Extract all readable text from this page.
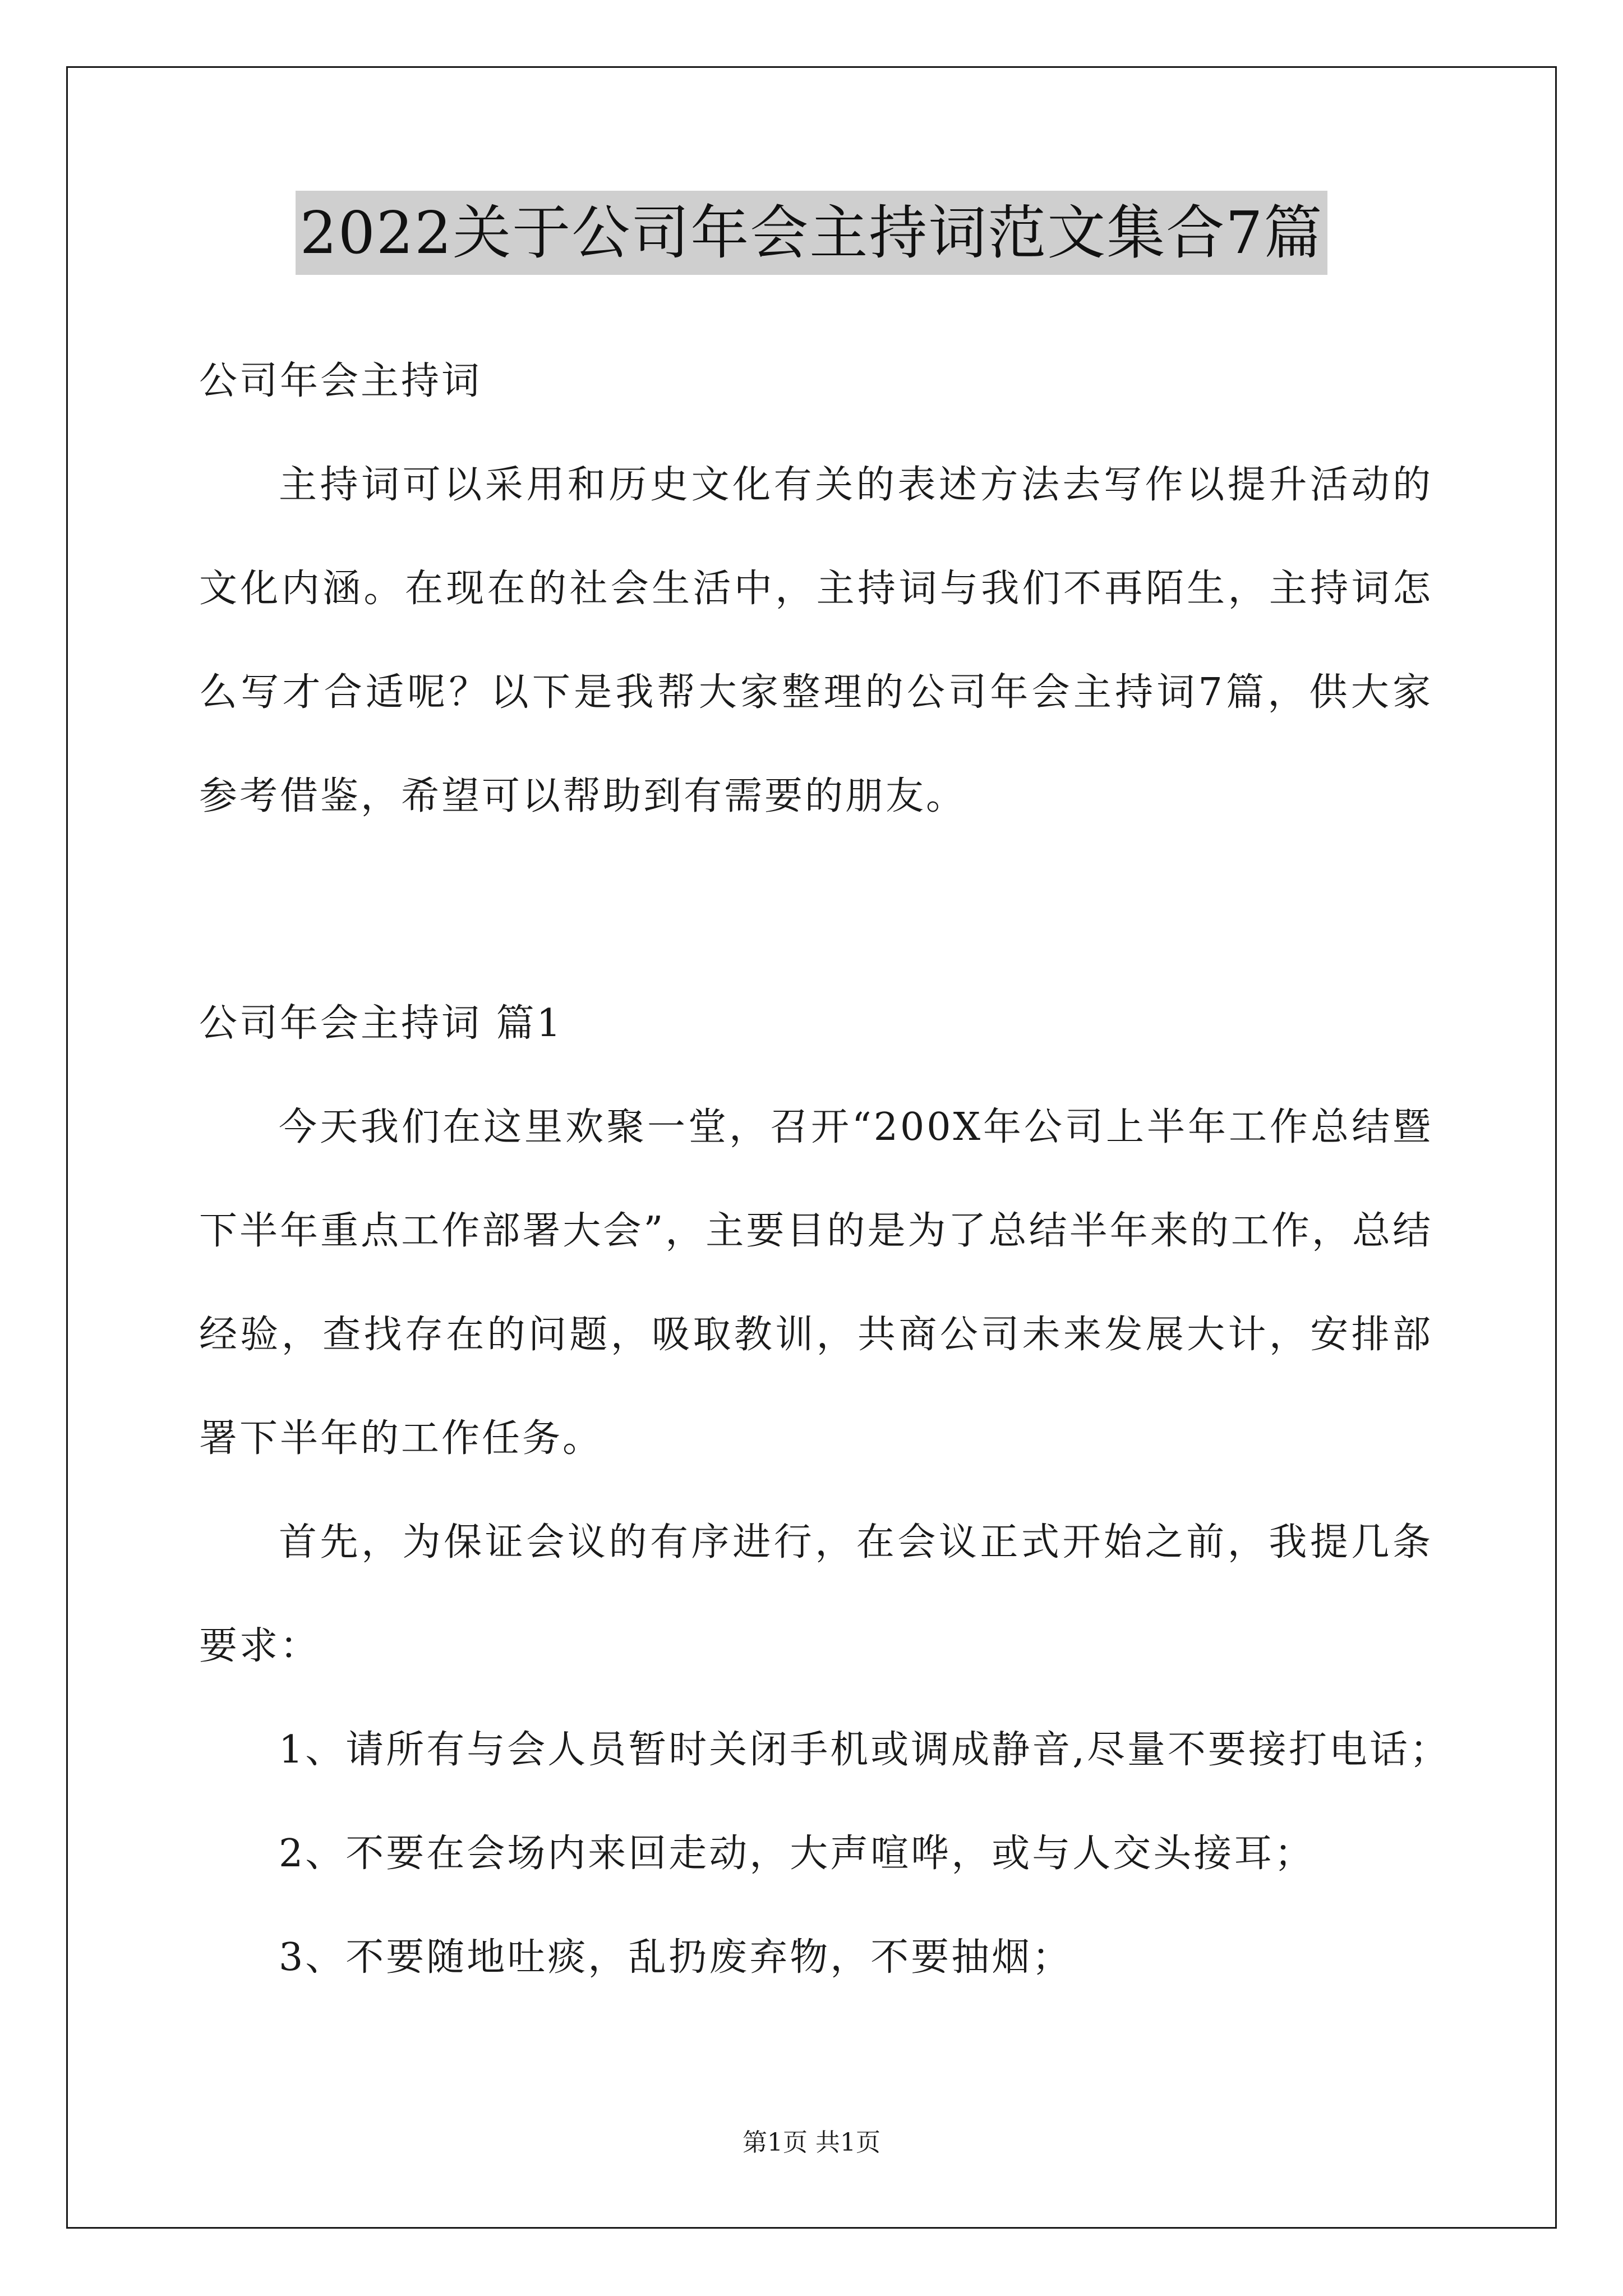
2022关于公司年会主持词范文集合7篇
公司年会主持词
主持词可以采用和历史文化有关的表述方法去写作以提升活动的
文化内涵。在现在的社会生活中，主持词与我们不再陌生，主持词怎
么写才合适呢？以下是我帮大家整理的公司年会主持词7篇，供大家
参考借鉴，希望可以帮助到有需要的朋友。
公司年会主持词 篇1
今天我们在这里欢聚一堂，召开“200X年公司上半年工作总结暨
下半年重点工作部署大会”，主要目的是为了总结半年来的工作，总结
经验，查找存在的问题，吸取教训，共商公司未来发展大计，安排部
署下半年的工作任务。
首先，为保证会议的有序进行，在会议正式开始之前，我提几条
要求：
1、请所有与会人员暂时关闭手机或调成静音,尽量不要接打电话；
2、不要在会场内来回走动，大声喧哗，或与人交头接耳；
3、不要随地吐痰，乱扔废弃物，不要抽烟；
第1页 共1页
